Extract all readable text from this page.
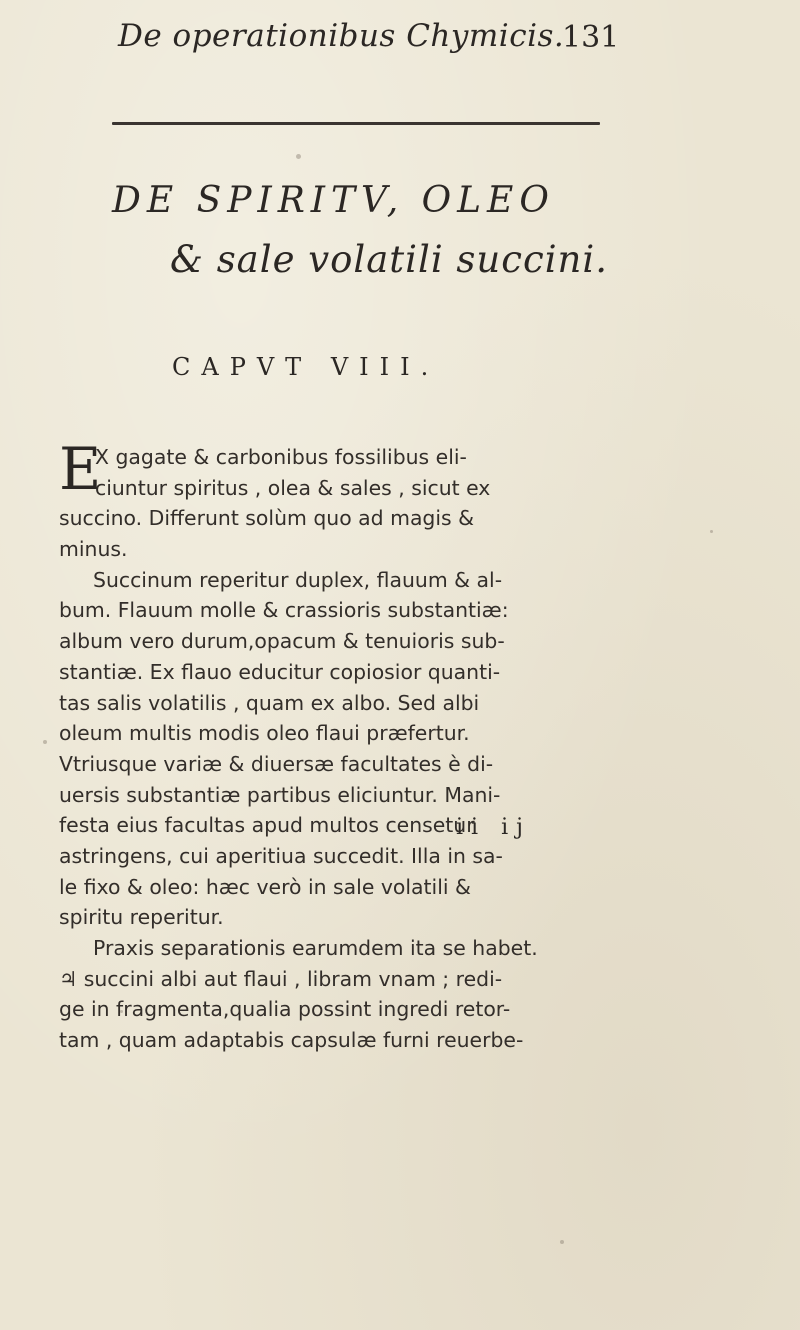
De operationibus Chymicis.
131
DE SPIRITV, OLEO
& sale volatili succini.
CAPVT VIII.
E
X gagate & carbonibus fossilibus eli-
ciuntur spiritus , olea & sales , sicut ex
succino. Differunt solùm quo ad magis &
minus.
Succinum reperitur duplex, flauum & al-
bum. Flauum molle & crassioris substantiæ:
album vero durum,opacum & tenuioris sub-
stantiæ. Ex flauo educitur copiosior quanti-
tas salis volatilis , quam ex albo. Sed albi
oleum multis modis oleo flaui præfertur.
Vtriusque variæ & diuersæ facultates è di-
uersis substantiæ partibus eliciuntur. Mani-
festa eius facultas apud multos censetur
astringens, cui aperitiua succedit. Illa in sa-
le fixo & oleo: hæc verò in sale volatili &
spiritu reperitur.
Praxis separationis earumdem ita se habet.
♃ succini albi aut flaui , libram vnam ; redi-
ge in fragmenta,qualia possint ingredi retor-
tam , quam adaptabis capsulæ furni reuerbe-
ii ij
